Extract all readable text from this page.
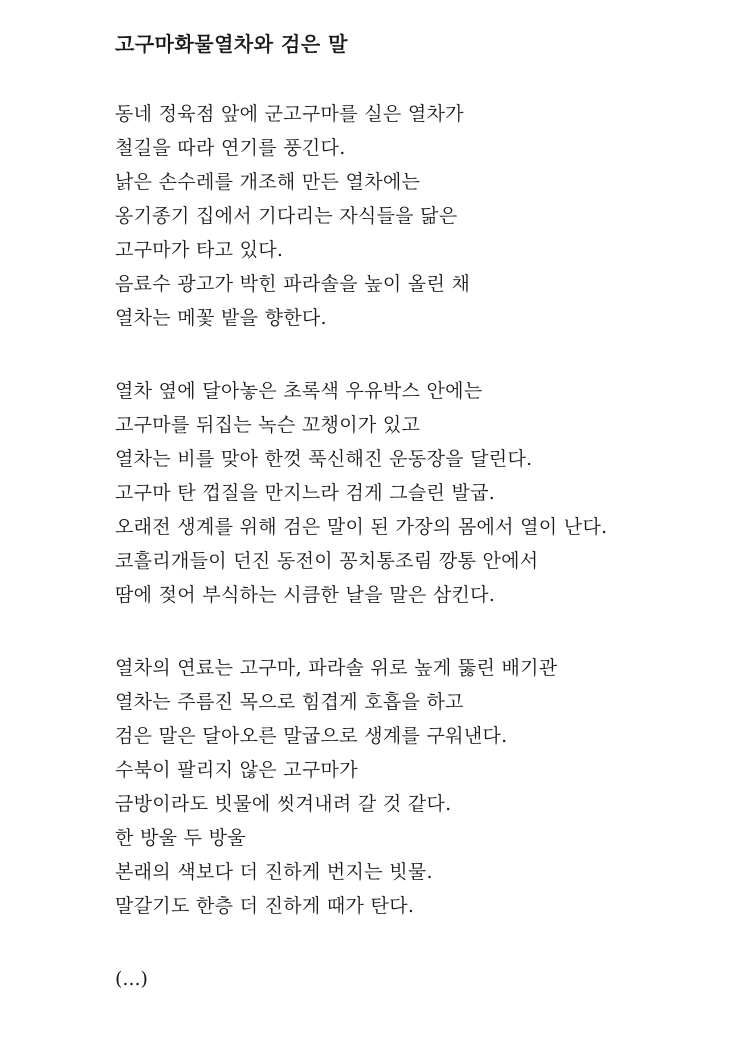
고구마화물열차와 검은 말
동네 정육점 앞에 군고구마를 실은 열차가
철길을 따라 연기를 풍긴다.
낡은 손수레를 개조해 만든 열차에는
옹기종기 집에서 기다리는 자식들을 닮은
고구마가 타고 있다.
음료수 광고가 박힌 파라솔을 높이 올린 채
열차는 메꽃 밭을 향한다.
열차 옆에 달아놓은 초록색 우유박스 안에는
고구마를 뒤집는 녹슨 꼬챙이가 있고
열차는 비를 맞아 한껏 푹신해진 운동장을 달린다.
고구마 탄 껍질을 만지느라 검게 그슬린 발굽.
오래전 생계를 위해 검은 말이 된 가장의 몸에서 열이 난다.
코흘리개들이 던진 동전이 꽁치통조림 깡통 안에서
땀에 젖어 부식하는 시큼한 날을 말은 삼킨다.
열차의 연료는 고구마, 파라솔 위로 높게 뚫린 배기관
열차는 주름진 목으로 힘겹게 호흡을 하고
검은 말은 달아오른 말굽으로 생계를 구워낸다.
수북이 팔리지 않은 고구마가
금방이라도 빗물에 씻겨내려 갈 것 같다.
한 방울 두 방울
본래의 색보다 더 진하게 번지는 빗물.
말갈기도 한층 더 진하게 때가 탄다.
(...)
